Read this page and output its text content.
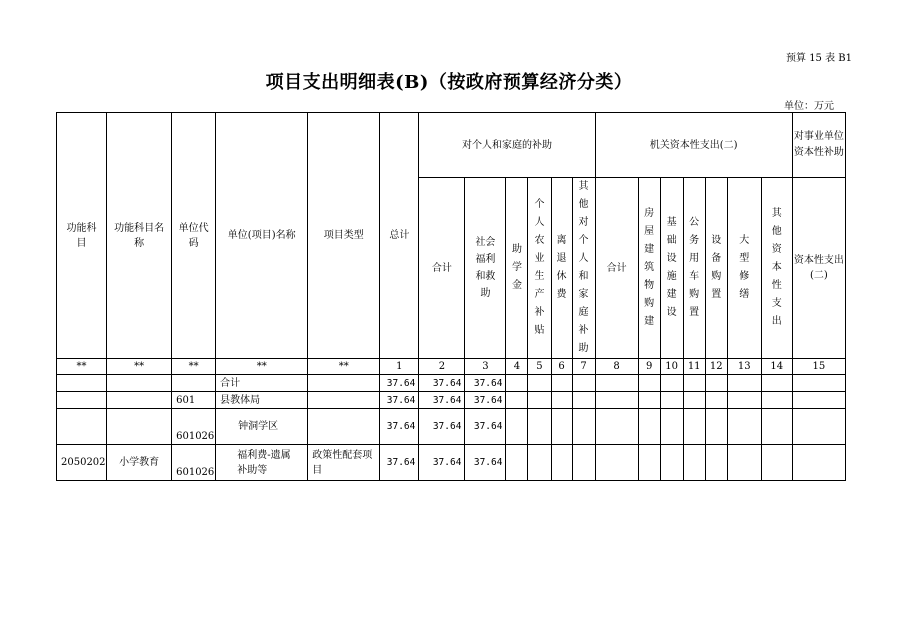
预算 15 表 B1
项目支出明细表(B)（按政府预算经济分类）
单位：万元
功能科目	功能科目名称	单位代码	单位(项目)名称	项目类型	总计	对个人和家庭的补助						机关资本性支出(二)							对事业单位资本性补助
						合计	社会福利和救助	助学金	个人农业生产补贴	离退休费	其他对个人和家庭补助	合计	房屋建筑物购建	基础设施建设	公务用车购置	设备购置	大型修缮	其他资本性支出	资本性支出(二)
**	**	**	**	**	1	2	3	4	5	6	7	8	9	10	11	12	13	14	15
			合计		37.64	37.64	37.64												
		601	县教体局		37.64	37.64	37.64												
		601026	钟洞学区		37.64	37.64	37.64												
2050202	小学教育	601026	福利费-遗属补助等	政策性配套项目	37.64	37.64	37.64												
